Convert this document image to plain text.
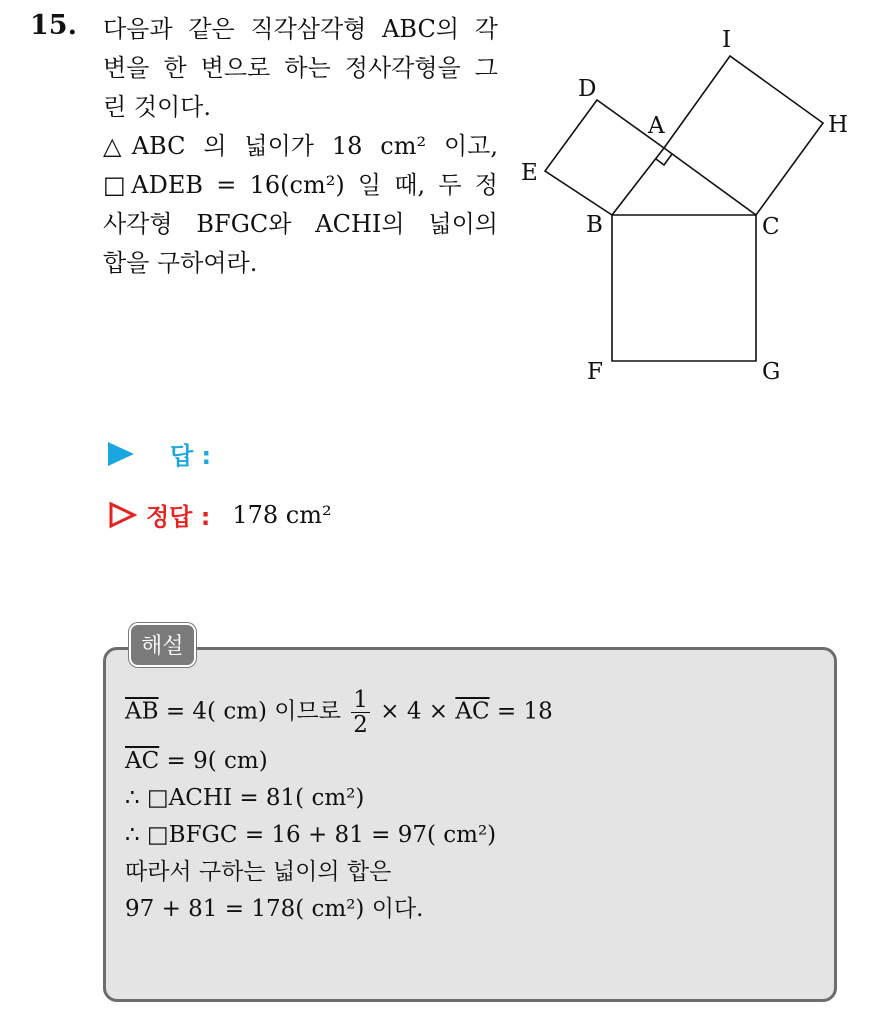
15. 다음과 같은 직각삼각형 ABC의 각
변을 한 변으로 하는 정사각형을 그
린 것이다.
△ABC 의 넓이가 18 cm² 이고,
□ADEB = 16(cm²) 일 때, 두 정
사각형 BFGC와 ACHI의 넓이의
합을 구하여라.
I
D
A	H
E
B	C
F	G
답 :
정답 : 178 cm²
해설
$\overline{AB} = 4$( cm) 이므로 $\frac{1}{2} \times 4 \times \overline{AC} = 18$
$\overline{AC} = 9$( cm)
∴ □ACHI = 81( cm²)
∴ □BFGC = 16 + 81 = 97( cm²)
따라서 구하는 넓이의 합은
97 + 81 = 178( cm²) 이다.
